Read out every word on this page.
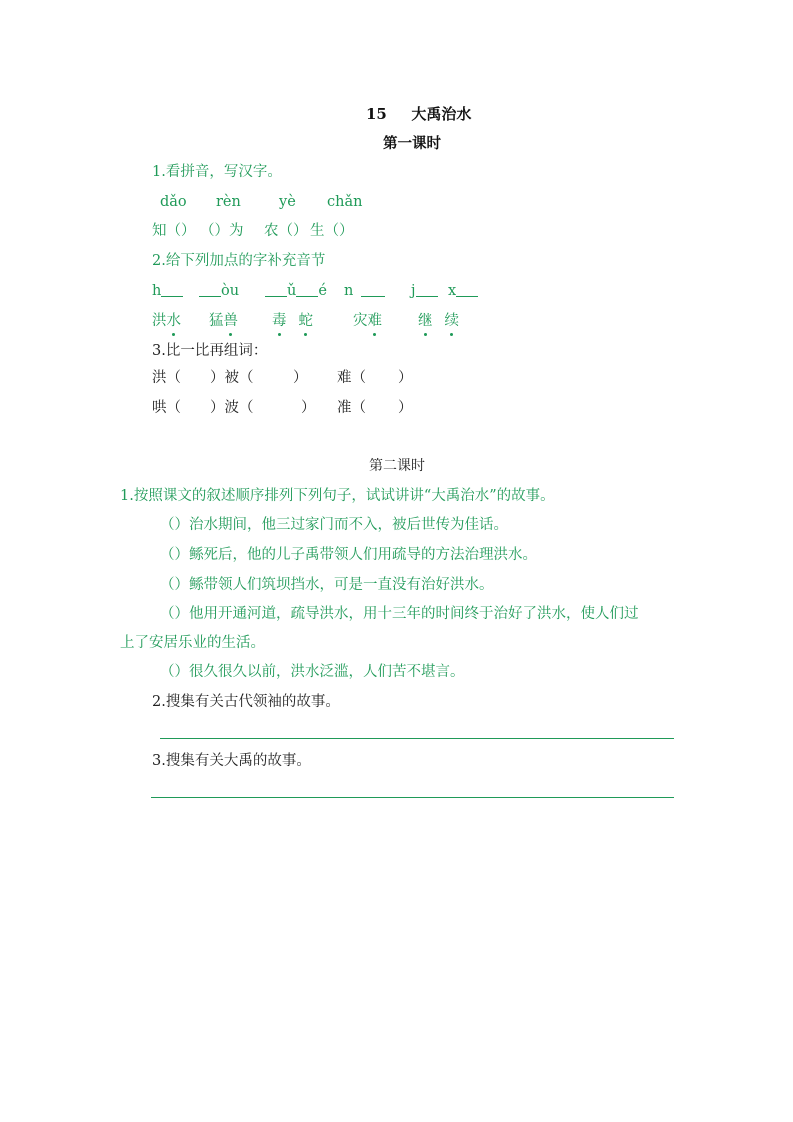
15 大禹治水
第一课时
1.看拼音，写汉字。
dǎo rèn	yè chǎn
知（） （）为 农（） 生（）
2.给下列加点的字补充音节
h	òu	ǔ é n	j	x
洪水 猛兽 毒 蛇	灾难 继 续
3.比一比再组词：
洪（ ）被（	） 难（ ）
哄（ ）波（	） 准（ ）
第二课时
1.按照课文的叙述顺序排列下列句子，试试讲讲“大禹治水”的故事。
（）治水期间，他三过家门而不入，被后世传为佳话。
（）鲧死后，他的儿子禹带领人们用疏导的方法治理洪水。
（）鲧带领人们筑坝挡水，可是一直没有治好洪水。
（）他用开通河道，疏导洪水，用十三年的时间终于治好了洪水，使人们过
上了安居乐业的生活。
（）很久很久以前，洪水泛滥，人们苦不堪言。
2.搜集有关古代领袖的故事。
3.搜集有关大禹的故事。
